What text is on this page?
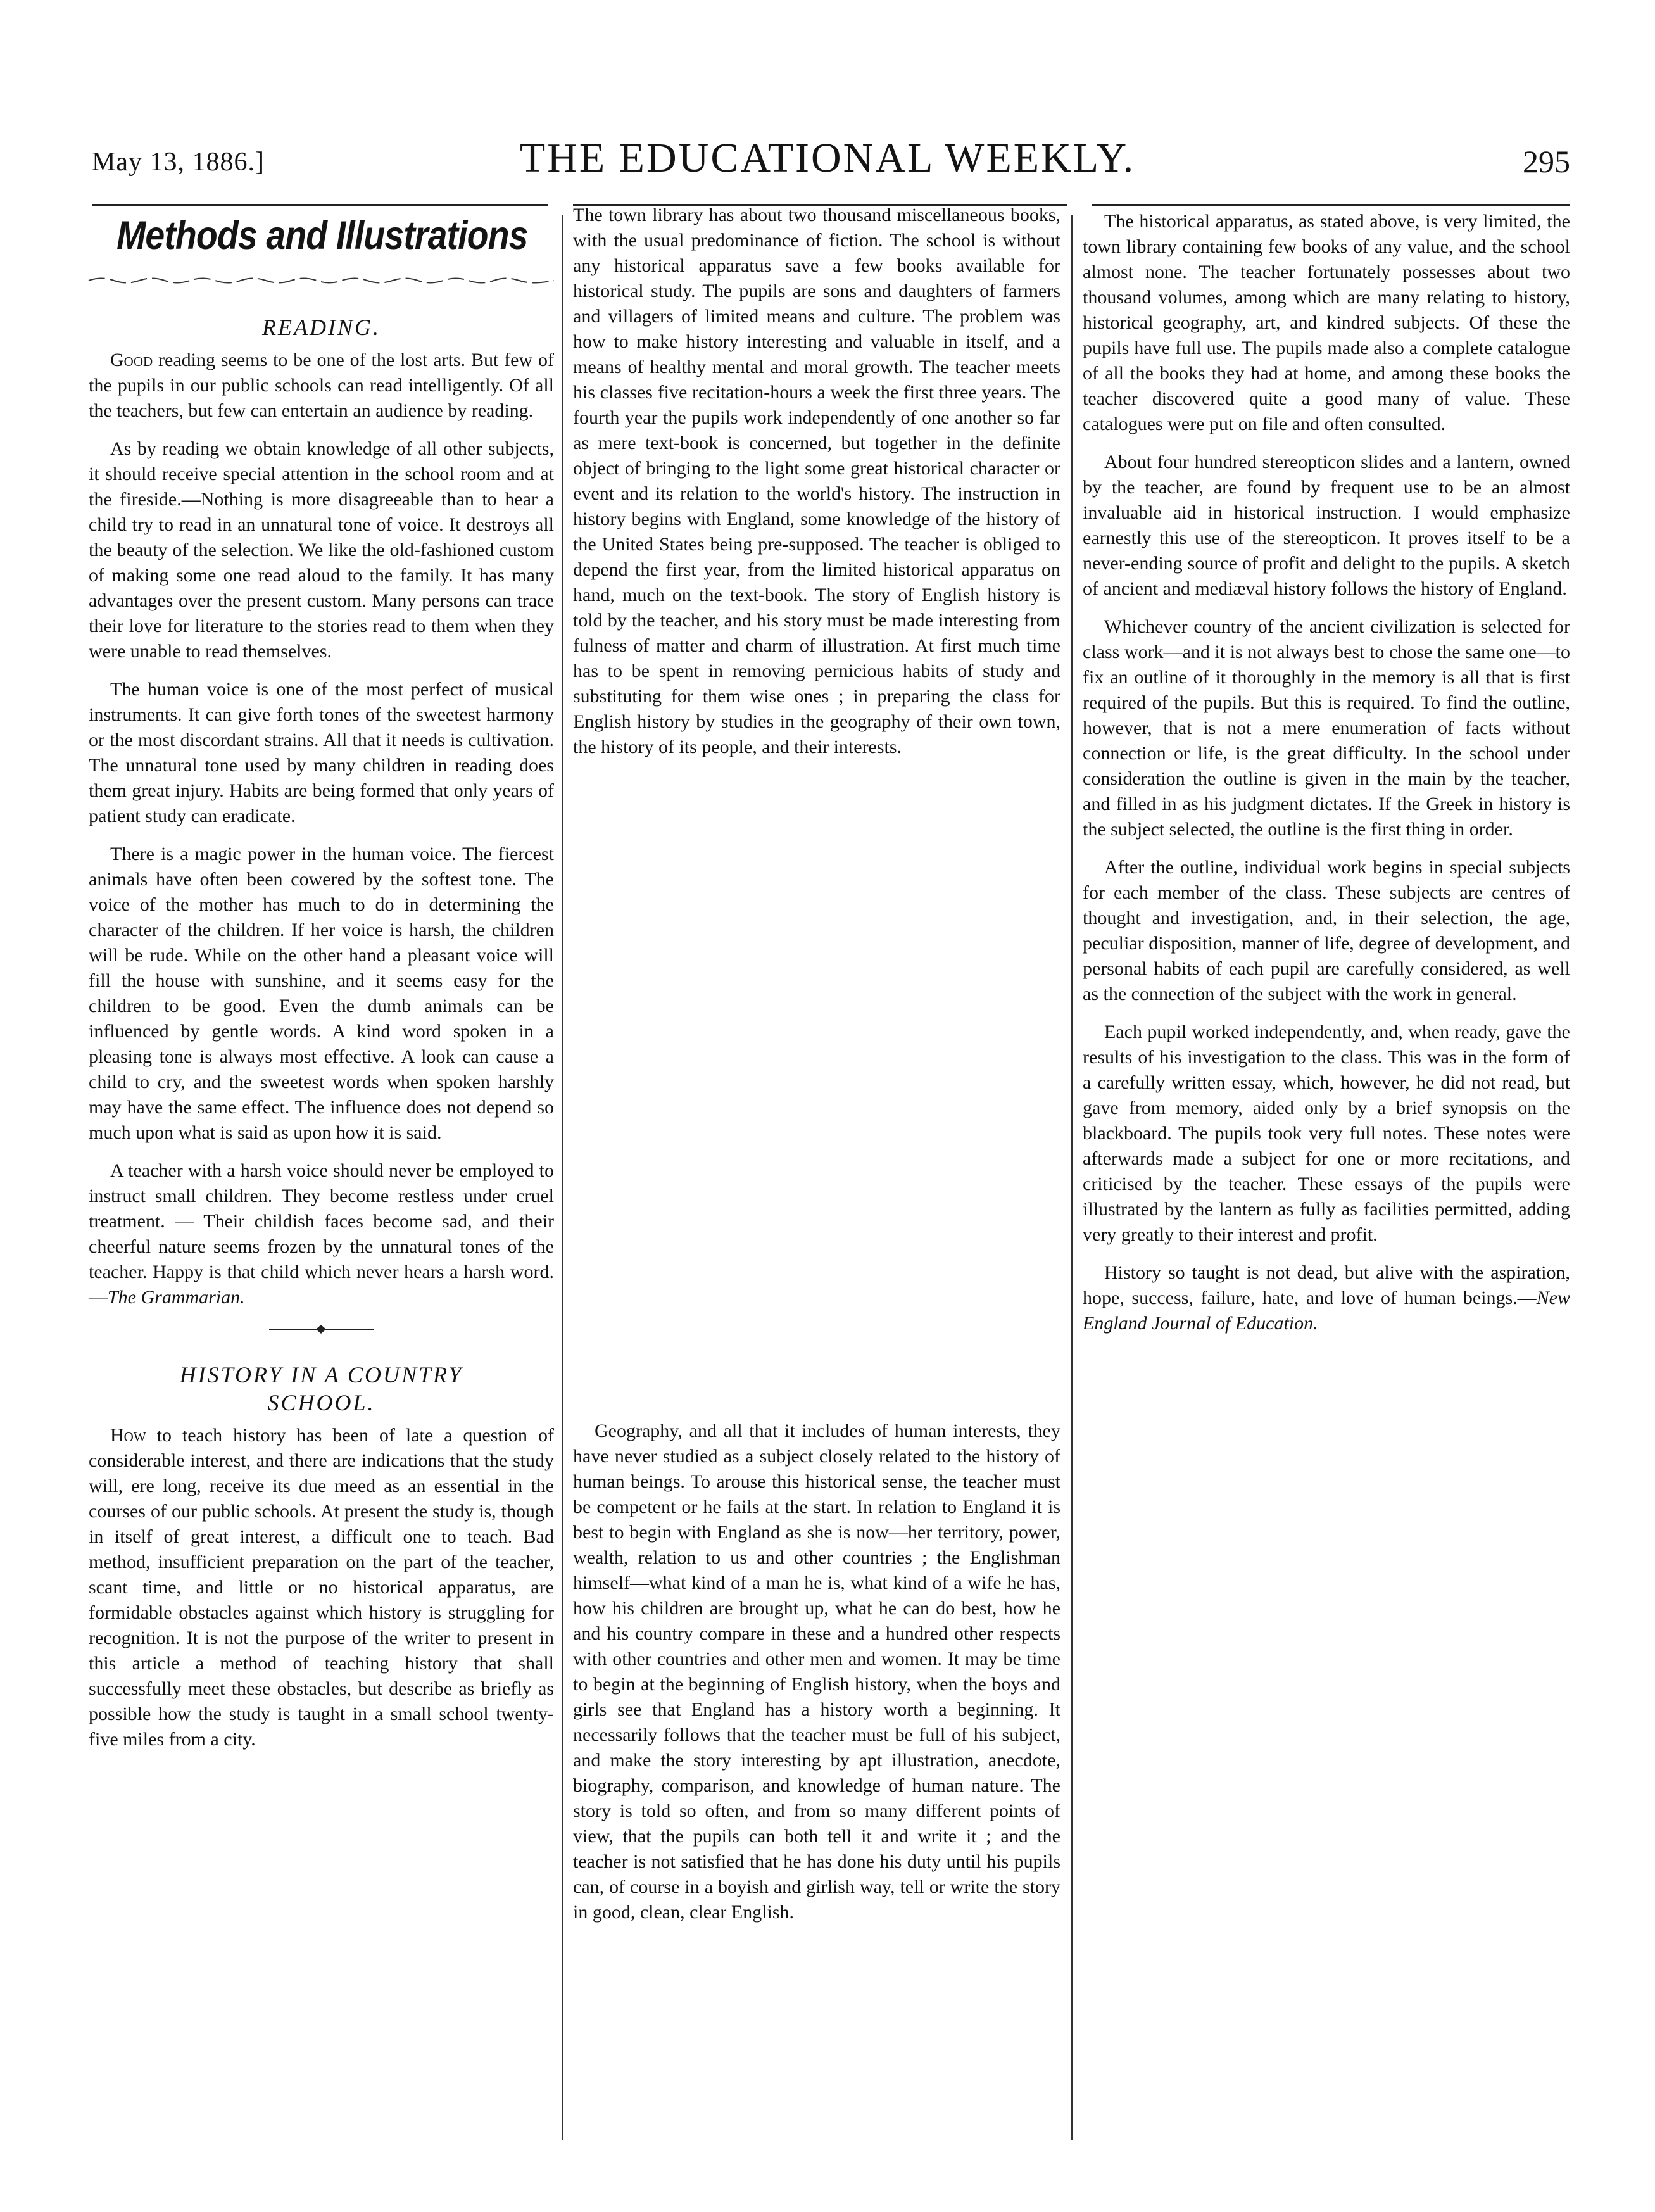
May 13, 1886.]	THE EDUCATIONAL WEEKLY.	295
Methods and Illustrations
READING.

Good reading seems to be one of the lost arts. But few of the pupils in our public schools can read intelligently. Of all the teachers, but few can entertain an audience by reading.

As by reading we obtain knowledge of all other subjects, it should receive special attention in the school room and at the fireside.—Nothing is more disagreeable than to hear a child try to read in an unnatural tone of voice. It destroys all the beauty of the selection. We like the old-fashioned custom of making some one read aloud to the family. It has many advantages over the present custom. Many persons can trace their love for literature to the stories read to them when they were unable to read themselves.

The human voice is one of the most perfect of musical instruments. It can give forth tones of the sweetest harmony or the most discordant strains. All that it needs is cultivation. The unnatural tone used by many children in reading does them great injury. Habits are being formed that only years of patient study can eradicate.

There is a magic power in the human voice. The fiercest animals have often been cowered by the softest tone. The voice of the mother has much to do in determining the character of the children. If her voice is harsh, the children will be rude. While on the other hand a pleasant voice will fill the house with sunshine, and it seems easy for the children to be good. Even the dumb animals can be influenced by gentle words. A kind word spoken in a pleasing tone is always most effective. A look can cause a child to cry, and the sweetest words when spoken harshly may have the same effect. The influence does not depend so much upon what is said as upon how it is said.

A teacher with a harsh voice should never be employed to instruct small children. They become restless under cruel treatment. — Their childish faces become sad, and their cheerful nature seems frozen by the unnatural tones of the teacher. Happy is that child which never hears a harsh word.—The Grammarian.

HISTORY IN A COUNTRY
SCHOOL.

How to teach history has been of late a question of considerable interest, and there are indications that the study will, ere long, receive its due meed as an essential in the courses of our public schools. At present the study is, though in itself of great interest, a difficult one to teach. Bad method, insufficient preparation on the part of the teacher, scant time, and little or no historical apparatus, are formidable obstacles against which history is struggling for recognition. It is not the purpose of the writer to present in this article a method of teaching history that shall successfully meet these obstacles, but describe as briefly as possible how the study is taught in a small school twenty-five miles from a city.

The town library has about two thousand miscellaneous books, with the usual predominance of fiction. The school is without any historical apparatus save a few books available for historical study. The pupils are sons and daughters of farmers and villagers of limited means and culture. The problem was how to make history interesting and valuable in itself, and a means of healthy mental and moral growth. The teacher meets his classes five recitation-hours a week the first three years. The fourth year the pupils work independently of one another so far as mere text-book is concerned, but together in the definite object of bringing to the light some great historical character or event and its relation to the world's history. The instruction in history begins with England, some knowledge of the history of the United States being pre-supposed. The teacher is obliged to depend the first year, from the limited historical apparatus on hand, much on the text-book. The story of English history is told by the teacher, and his story must be made interesting from fulness of matter and charm of illustration. At first much time has to be spent in removing pernicious habits of study and substituting for them wise ones ; in preparing the class for English history by studies in the geography of their own town, the history of its people, and their interests.

The historical apparatus, as stated above, is very limited, the town library containing few books of any value, and the school almost none. The teacher fortunately possesses about two thousand volumes, among which are many relating to history, historical geography, art, and kindred subjects. Of these the pupils have full use. The pupils made also a complete catalogue of all the books they had at home, and among these books the teacher discovered quite a good many of value. These catalogues were put on file and often consulted.

About four hundred stereopticon slides and a lantern, owned by the teacher, are found by frequent use to be an almost invaluable aid in historical instruction. I would emphasize earnestly this use of the stereopticon. It proves itself to be a never-ending source of profit and delight to the pupils. A sketch of ancient and mediæval history follows the history of England.

Whichever country of the ancient civilization is selected for class work—and it is not always best to chose the same one—to fix an outline of it thoroughly in the memory is all that is first required of the pupils. But this is required. To find the outline, however, that is not a mere enumeration of facts without connection or life, is the great difficulty. In the school under consideration the outline is given in the main by the teacher, and filled in as his judgment dictates. If the Greek in history is the subject selected, the outline is the first thing in order.

After the outline, individual work begins in special subjects for each member of the class. These subjects are centres of thought and investigation, and, in their selection, the age, peculiar disposition, manner of life, degree of development, and personal habits of each pupil are carefully considered, as well as the connection of the subject with the work in general.

Each pupil worked independently, and, when ready, gave the results of his investigation to the class. This was in the form of a carefully written essay, which, however, he did not read, but gave from memory, aided only by a brief synopsis on the blackboard. The pupils took very full notes. These notes were afterwards made a subject for one or more recitations, and criticised by the teacher. These essays of the pupils were illustrated by the lantern as fully as facilities permitted, adding very greatly to their interest and profit.

History so taught is not dead, but alive with the aspiration, hope, success, failure, hate, and love of human beings.—New England Journal of Education.

Geography, and all that it includes of human interests, they have never studied as a subject closely related to the history of human beings. To arouse this historical sense, the teacher must be competent or he fails at the start. In relation to England it is best to begin with England as she is now—her territory, power, wealth, relation to us and other countries ; the Englishman himself—what kind of a man he is, what kind of a wife he has, how his children are brought up, what he can do best, how he and his country compare in these and a hundred other respects with other countries and other men and women. It may be time to begin at the beginning of English history, when the boys and girls see that England has a history worth a beginning. It necessarily follows that the teacher must be full of his subject, and make the story interesting by apt illustration, anecdote, biography, comparison, and knowledge of human nature. The story is told so often, and from so many different points of view, that the pupils can both tell it and write it ; and the teacher is not satisfied that he has done his duty until his pupils can, of course in a boyish and girlish way, tell or write the story in good, clean, clear English.
